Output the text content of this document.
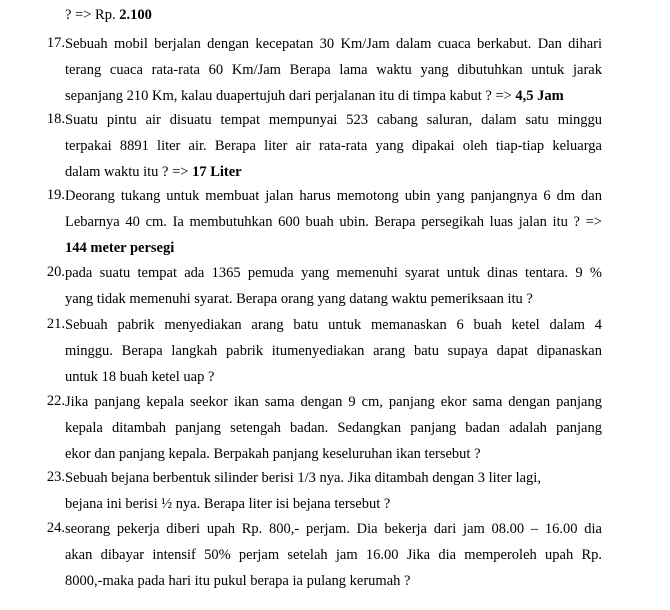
? => Rp. 2.100
17. Sebuah mobil berjalan dengan kecepatan 30 Km/Jam dalam cuaca berkabut. Dan dihari
terang cuaca rata-rata 60 Km/Jam Berapa lama waktu yang dibutuhkan untuk jarak
sepanjang 210 Km, kalau duapertujuh dari perjalanan itu di timpa kabut ? => 4,5 Jam
18. Suatu pintu air disuatu tempat mempunyai 523 cabang saluran, dalam satu minggu
terpakai 8891 liter air. Berapa liter air rata-rata yang dipakai oleh tiap-tiap keluarga
dalam waktu itu ? => 17 Liter
19. Deorang tukang untuk membuat jalan harus memotong ubin yang panjangnya 6 dm dan
Lebarnya 40 cm. Ia membutuhkan 600 buah ubin. Berapa persegikah luas jalan itu ? =>
144 meter persegi
20. pada suatu tempat ada 1365 pemuda yang memenuhi syarat untuk dinas tentara. 9 %
yang tidak memenuhi syarat. Berapa orang yang datang waktu pemeriksaan itu ?
21. Sebuah pabrik menyediakan arang batu untuk memanaskan 6 buah ketel dalam 4
minggu. Berapa langkah pabrik itumenyediakan arang batu supaya dapat dipanaskan
untuk 18 buah ketel uap ?
22. Jika panjang kepala seekor ikan sama dengan 9 cm, panjang ekor sama dengan panjang
kepala ditambah panjang setengah badan. Sedangkan panjang badan adalah panjang
ekor dan panjang kepala. Berpakah panjang keseluruhan ikan tersebut ?
23. Sebuah bejana berbentuk silinder berisi 1/3 nya. Jika ditambah dengan 3 liter lagi,
bejana ini berisi ½ nya. Berapa liter isi bejana tersebut ?
24. seorang pekerja diberi upah Rp. 800,- perjam. Dia bekerja dari jam 08.00 – 16.00 dia
akan dibayar intensif 50% perjam setelah jam 16.00 Jika dia memperoleh upah Rp.
8000,-maka pada hari itu pukul berapa ia pulang kerumah ?
